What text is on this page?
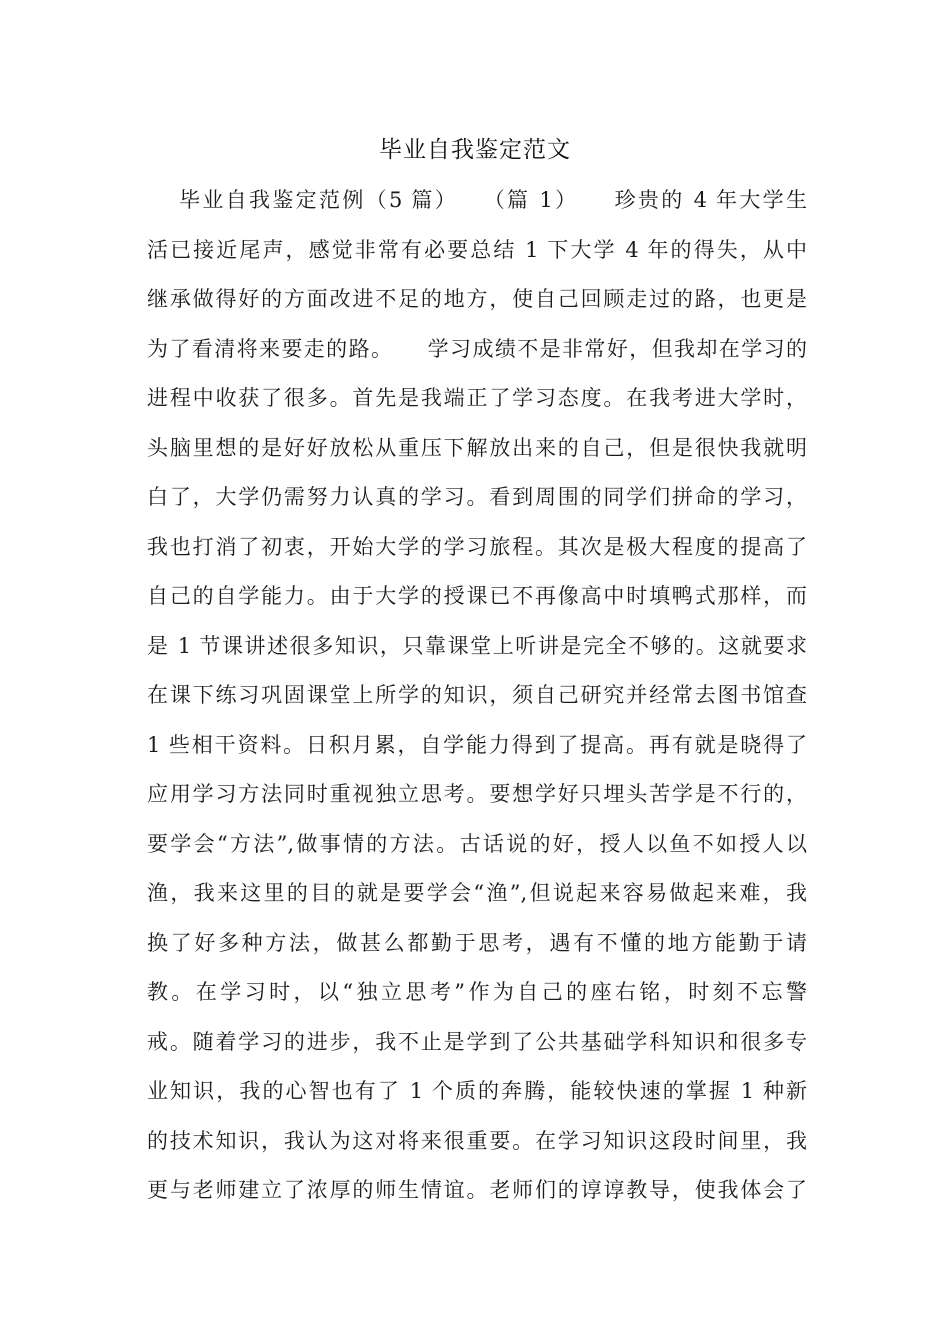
毕业自我鉴定范文
毕业自我鉴定范例（5 篇）　　（篇 1）　　珍贵的 4 年大学生
活已接近尾声，感觉非常有必要总结 1 下大学 4 年的得失，从中
继承做得好的方面改进不足的地方，使自己回顾走过的路，也更是
为了看清将来要走的路。　　学习成绩不是非常好，但我却在学习的
进程中收获了很多。首先是我端正了学习态度。在我考进大学时，
头脑里想的是好好放松从重压下解放出来的自己，但是很快我就明
白了，大学仍需努力认真的学习。看到周围的同学们拼命的学习，
我也打消了初衷，开始大学的学习旅程。其次是极大程度的提高了
自己的自学能力。由于大学的授课已不再像高中时填鸭式那样，而
是 1 节课讲述很多知识，只靠课堂上听讲是完全不够的。这就要求
在课下练习巩固课堂上所学的知识，须自己研究并经常去图书馆查
1 些相干资料。日积月累，自学能力得到了提高。再有就是晓得了
应用学习方法同时重视独立思考。要想学好只埋头苦学是不行的，
要学会“方法”,做事情的方法。古话说的好，授人以鱼不如授人以
渔，我来这里的目的就是要学会“渔”,但说起来容易做起来难，我
换了好多种方法，做甚么都勤于思考，遇有不懂的地方能勤于请
教。在学习时，以“独立思考”作为自己的座右铭，时刻不忘警
戒。随着学习的进步，我不止是学到了公共基础学科知识和很多专
业知识，我的心智也有了 1 个质的奔腾，能较快速的掌握 1 种新
的技术知识，我认为这对将来很重要。在学习知识这段时间里，我
更与老师建立了浓厚的师生情谊。老师们的谆谆教导，使我体会了
